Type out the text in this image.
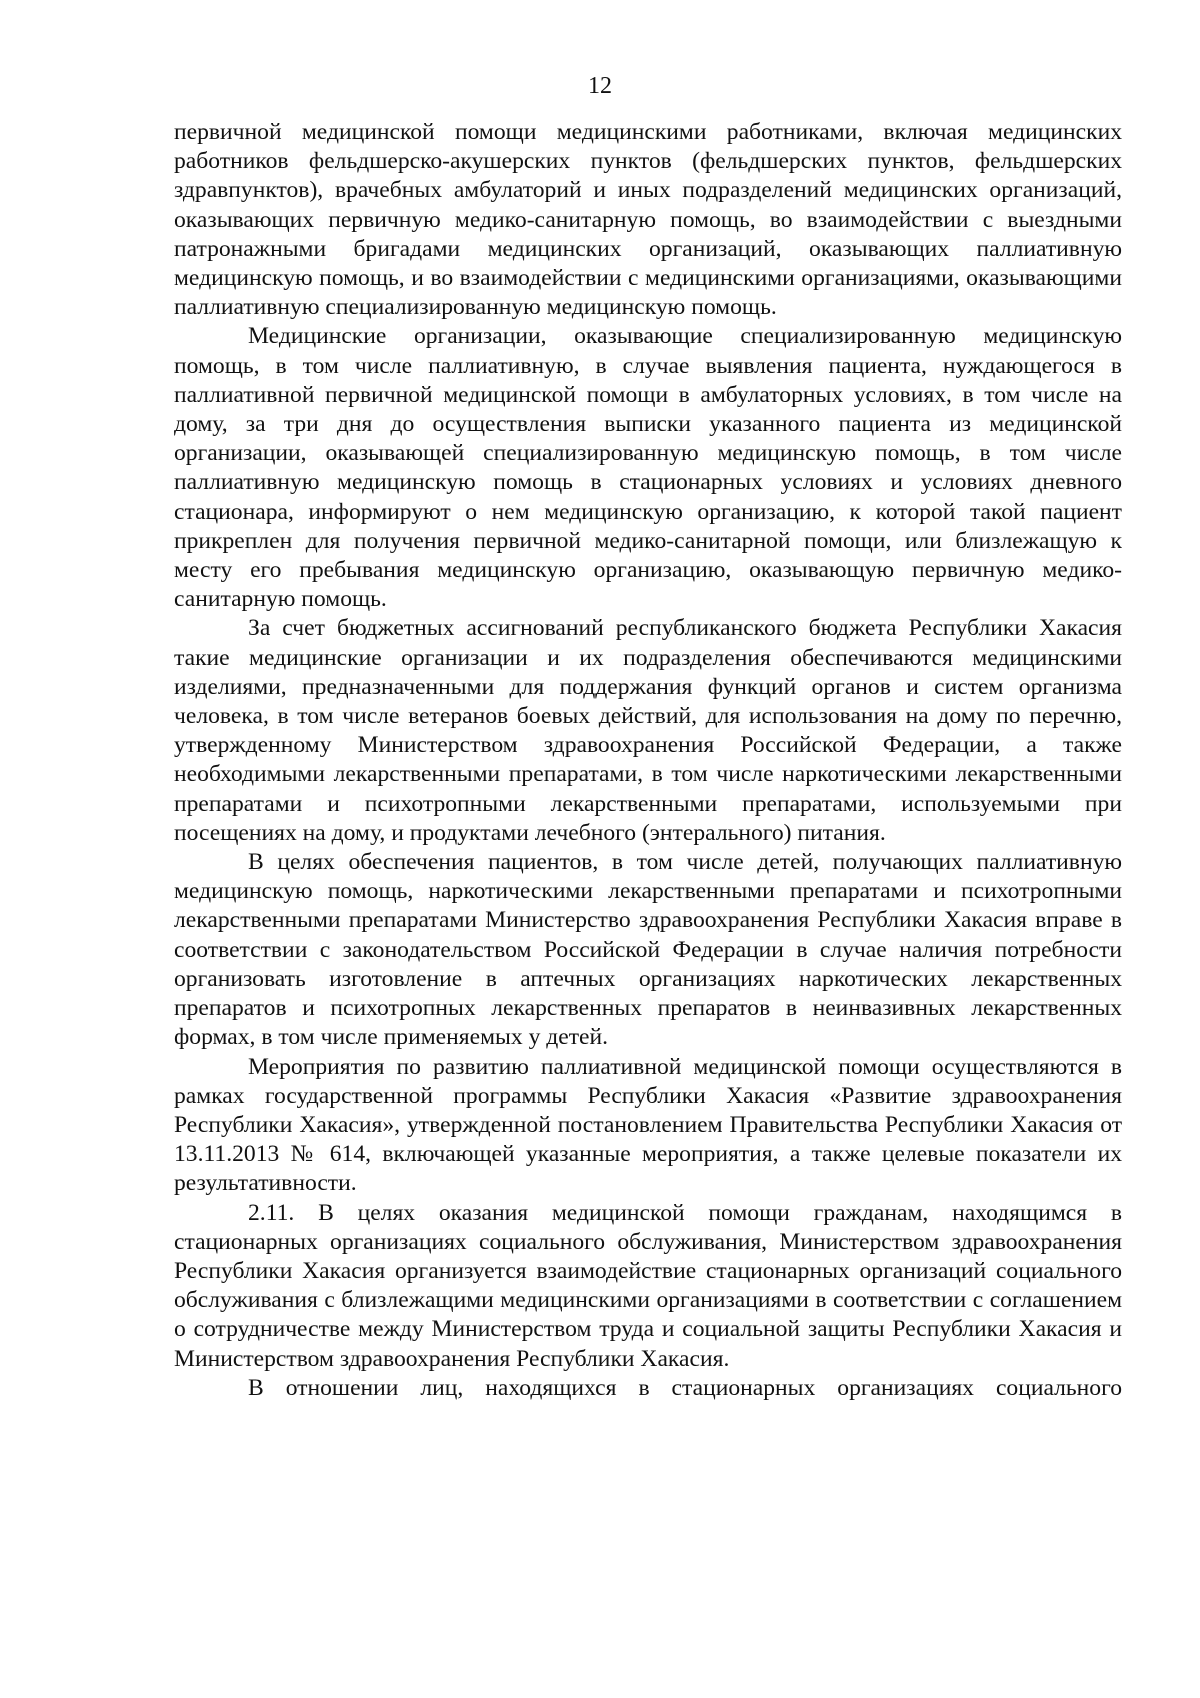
12

первичной медицинской помощи медицинскими работниками, включая медицинских работников фельдшерско-акушерских пунктов (фельдшерских пунктов, фельдшерских здравпунктов), врачебных амбулаторий и иных подразделений медицинских организаций, оказывающих первичную медико-санитарную помощь, во взаимодействии с выездными патронажными бригадами медицинских организаций, оказывающих паллиативную медицинскую помощь, и во взаимодействии с медицинскими организациями, оказывающими паллиативную специализированную медицинскую помощь.

Медицинские организации, оказывающие специализированную медицинскую помощь, в том числе паллиативную, в случае выявления пациента, нуждающегося в паллиативной первичной медицинской помощи в амбулаторных условиях, в том числе на дому, за три дня до осуществления выписки указанного пациента из медицинской организации, оказывающей специализированную медицинскую помощь, в том числе паллиативную медицинскую помощь в стационарных условиях и условиях дневного стационара, информируют о нем медицинскую организацию, к которой такой пациент прикреплен для получения первичной медико-санитарной помощи, или близлежащую к месту его пребывания медицинскую организацию, оказывающую первичную медико-санитарную помощь.

За счет бюджетных ассигнований республиканского бюджета Республики Хакасия такие медицинские организации и их подразделения обеспечиваются медицинскими изделиями, предназначенными для поддержания функций органов и систем организма человека, в том числе ветеранов боевых действий, для использования на дому по перечню, утвержденному Министерством здравоохранения Российской Федерации, а также необходимыми лекарственными препаратами, в том числе наркотическими лекарственными препаратами и психотропными лекарственными препаратами, используемыми при посещениях на дому, и продуктами лечебного (энтерального) питания.

В целях обеспечения пациентов, в том числе детей, получающих паллиативную медицинскую помощь, наркотическими лекарственными препаратами и психотропными лекарственными препаратами Министерство здравоохранения Республики Хакасия вправе в соответствии с законодательством Российской Федерации в случае наличия потребности организовать изготовление в аптечных организациях наркотических лекарственных препаратов и психотропных лекарственных препаратов в неинвазивных лекарственных формах, в том числе применяемых у детей.

Мероприятия по развитию паллиативной медицинской помощи осуществляются в рамках государственной программы Республики Хакасия «Развитие здравоохранения Республики Хакасия», утвержденной постановлением Правительства Республики Хакасия от 13.11.2013 № 614, включающей указанные мероприятия, а также целевые показатели их результативности.

2.11. В целях оказания медицинской помощи гражданам, находящимся в стационарных организациях социального обслуживания, Министерством здравоохранения Республики Хакасия организуется взаимодействие стационарных организаций социального обслуживания с близлежащими медицинскими организациями в соответствии с соглашением о сотрудничестве между Министерством труда и социальной защиты Республики Хакасия и Министерством здравоохранения Республики Хакасия.

В отношении лиц, находящихся в стационарных организациях социального
